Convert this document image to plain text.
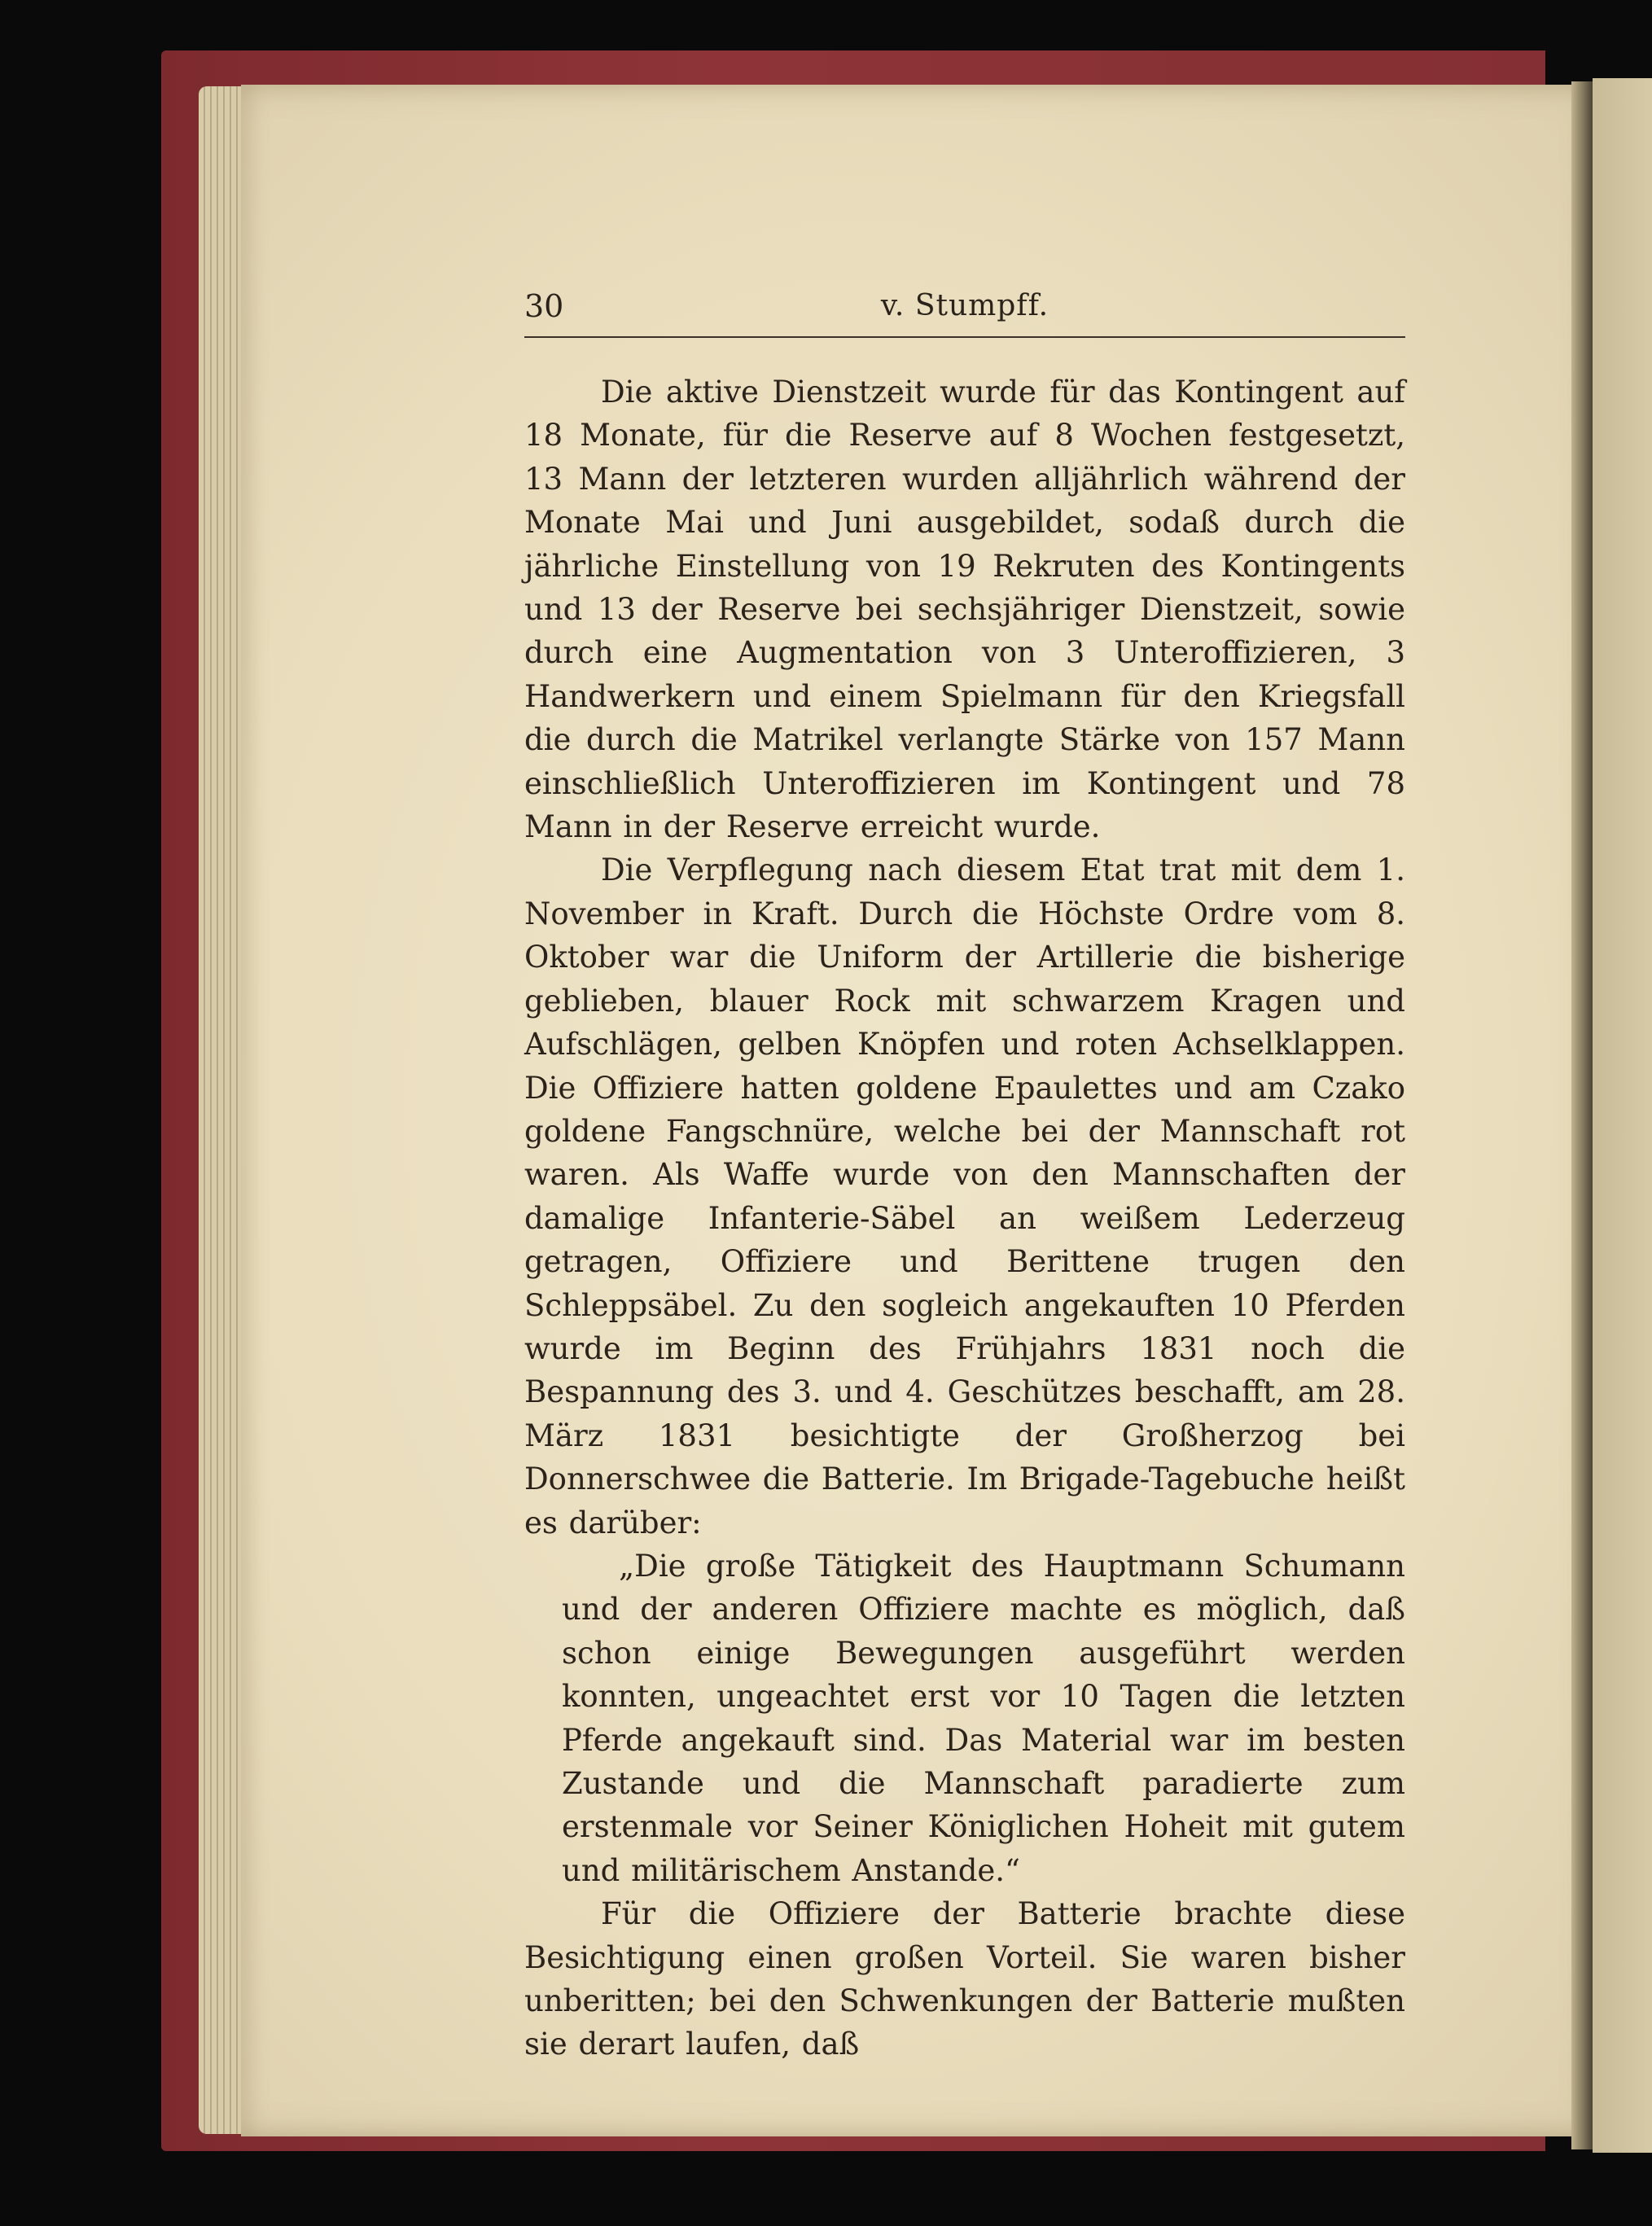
30	v. Stumpff.

Die aktive Dienstzeit wurde für das Kontingent auf 18 Monate, für die Reserve auf 8 Wochen festgesetzt, 13 Mann der letzteren wurden alljährlich während der Monate Mai und Juni ausgebildet, sodaß durch die jährliche Einstellung von 19 Rekruten des Kontingents und 13 der Reserve bei sechsjähriger Dienstzeit, sowie durch eine Augmentation von 3 Unteroffizieren, 3 Handwerkern und einem Spielmann für den Kriegsfall die durch die Matrikel verlangte Stärke von 157 Mann einschließlich Unteroffizieren im Kontingent und 78 Mann in der Reserve erreicht wurde.

Die Verpflegung nach diesem Etat trat mit dem 1. November in Kraft. Durch die Höchste Ordre vom 8. Oktober war die Uniform der Artillerie die bisherige geblieben, blauer Rock mit schwarzem Kragen und Aufschlägen, gelben Knöpfen und roten Achselklappen. Die Offiziere hatten goldene Epaulettes und am Czako goldene Fangschnüre, welche bei der Mannschaft rot waren. Als Waffe wurde von den Mannschaften der damalige Infanterie-Säbel an weißem Lederzeug getragen, Offiziere und Berittene trugen den Schleppsäbel. Zu den sogleich angekauften 10 Pferden wurde im Beginn des Frühjahrs 1831 noch die Bespannung des 3. und 4. Geschützes beschafft, am 28. März 1831 besichtigte der Großherzog bei Donnerschwee die Batterie. Im Brigade-Tagebuche heißt es darüber:

„Die große Tätigkeit des Hauptmann Schumann und der anderen Offiziere machte es möglich, daß schon einige Bewegungen ausgeführt werden konnten, ungeachtet erst vor 10 Tagen die letzten Pferde angekauft sind. Das Material war im besten Zustande und die Mannschaft paradierte zum erstenmale vor Seiner Königlichen Hoheit mit gutem und militärischem Anstande.“

Für die Offiziere der Batterie brachte diese Besichtigung einen großen Vorteil. Sie waren bisher unberitten; bei den Schwenkungen der Batterie mußten sie derart laufen, daß
